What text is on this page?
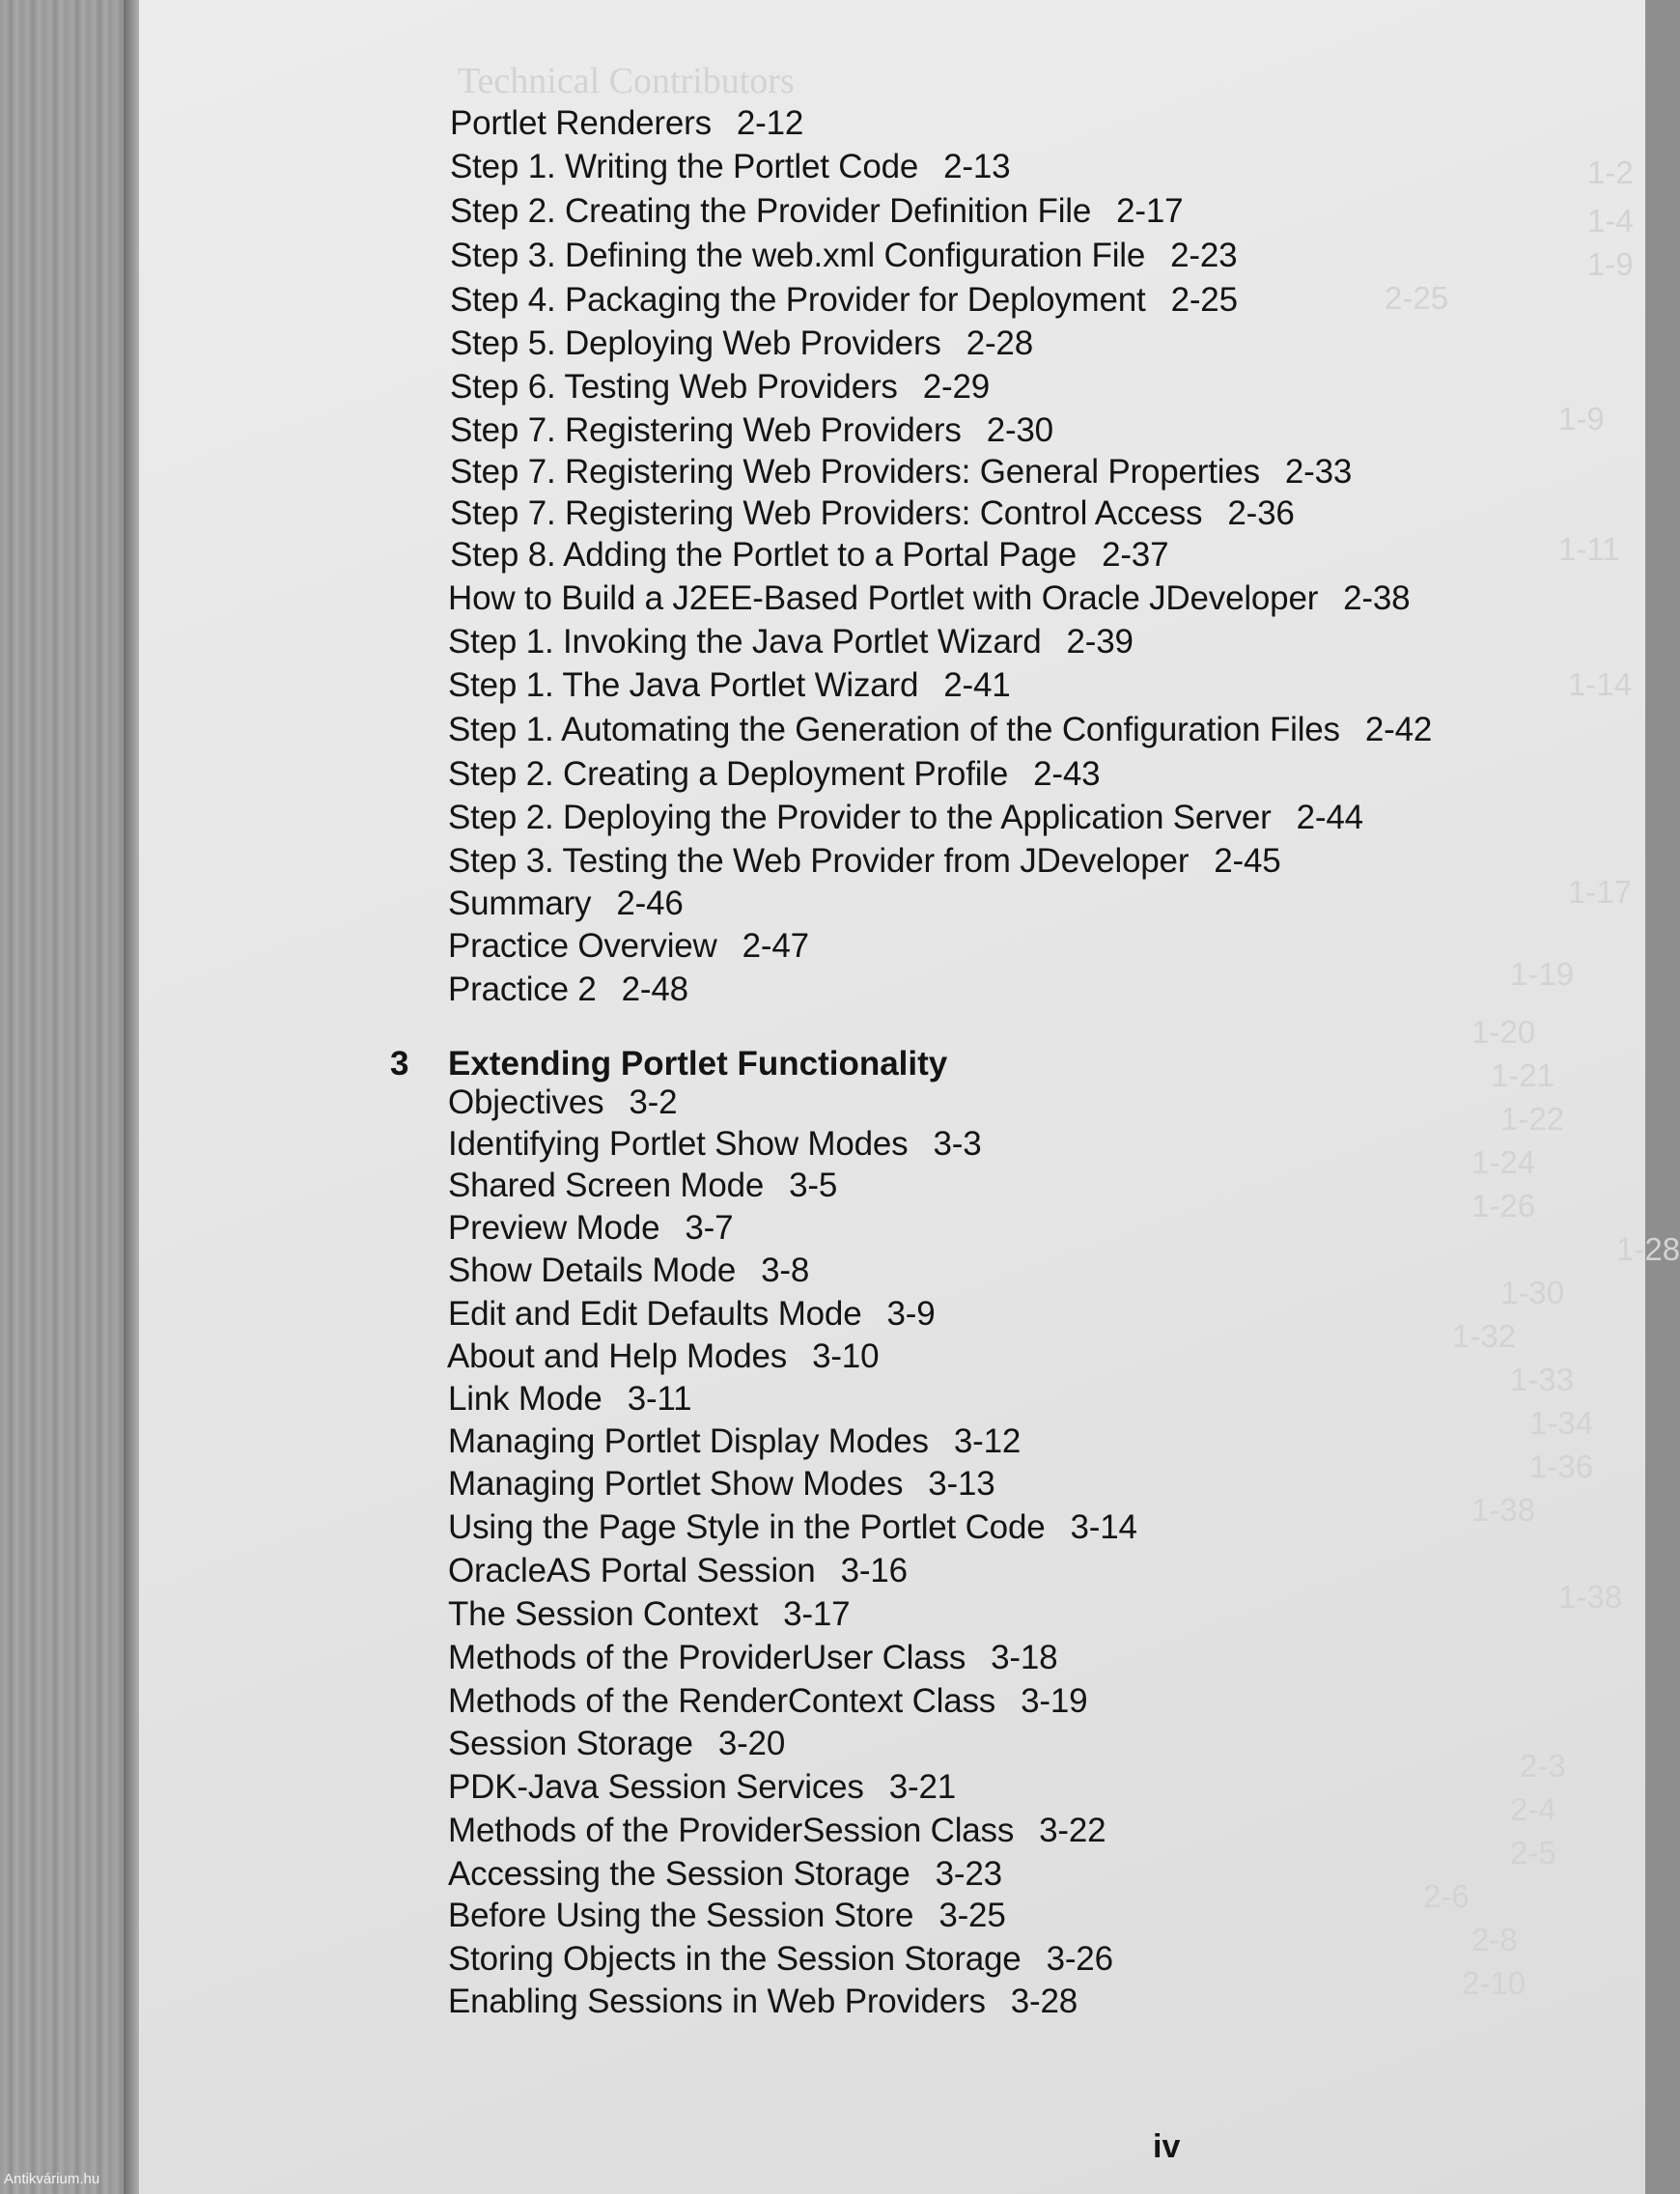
Technical Contributors
2-25
1-2
1-4
1-9
1-9
1-11
1-14
1-17
1-19
1-20
1-21
1-22
1-24
1-26
1-28
1-30
1-32
1-33
1-34
1-36
1-38
1-38
2-3
2-4
2-5
2-6
2-8
2-10
3 Extending Portlet Functionality
Portlet Renderers 2-12
Step 1. Writing the Portlet Code 2-13
Step 2. Creating the Provider Definition File 2-17
Step 3. Defining the web.xml Configuration File 2-23
Step 4. Packaging the Provider for Deployment 2-25
Step 5. Deploying Web Providers 2-28
Step 6. Testing Web Providers 2-29
Step 7. Registering Web Providers 2-30
Step 7. Registering Web Providers: General Properties 2-33
Step 7. Registering Web Providers: Control Access 2-36
Step 8. Adding the Portlet to a Portal Page 2-37
How to Build a J2EE-Based Portlet with Oracle JDeveloper 2-38
Step 1. Invoking the Java Portlet Wizard 2-39
Step 1. The Java Portlet Wizard 2-41
Step 1. Automating the Generation of the Configuration Files 2-42
Step 2. Creating a Deployment Profile 2-43
Step 2. Deploying the Provider to the Application Server 2-44
Step 3. Testing the Web Provider from JDeveloper 2-45
Summary 2-46
Practice Overview 2-47
Practice 2 2-48
Objectives 3-2
Identifying Portlet Show Modes 3-3
Shared Screen Mode 3-5
Preview Mode 3-7
Show Details Mode 3-8
Edit and Edit Defaults Mode 3-9
About and Help Modes 3-10
Link Mode 3-11
Managing Portlet Display Modes 3-12
Managing Portlet Show Modes 3-13
Using the Page Style in the Portlet Code 3-14
OracleAS Portal Session 3-16
The Session Context 3-17
Methods of the ProviderUser Class 3-18
Methods of the RenderContext Class 3-19
Session Storage 3-20
PDK-Java Session Services 3-21
Methods of the ProviderSession Class 3-22
Accessing the Session Storage 3-23
Before Using the Session Store 3-25
Storing Objects in the Session Storage 3-26
Enabling Sessions in Web Providers 3-28
iv
Antikvárium.hu
